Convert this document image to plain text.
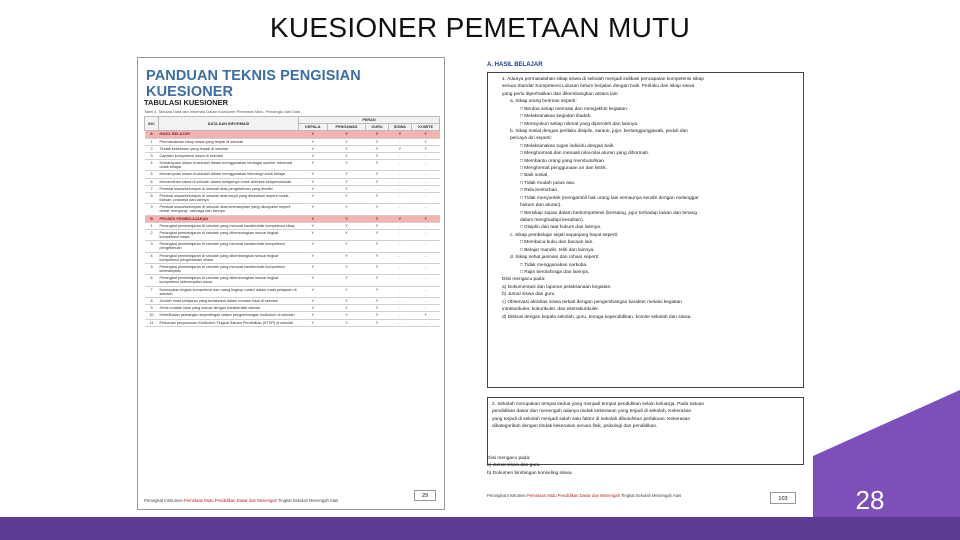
KUESIONER PEMETAAN MUTU
PANDUAN TEKNIS PENGISIAN KUESIONER
TABULASI KUESIONER
Tabel 4. Tabulasi Data dan Informasi Dalam Kuesioner Pemetaan Mutu, Pemangku dan Data
INC	DATA DAN INFORMASI	PERAN				
		KEPALA	PENGAWAS	GURU	SISWA	KOMITE
A	HASIL BELAJAR	Y	Y	Y	Y	Y
1	Permasalahan sikap siswa yang terjadi di sekolah	Y	Y	Y	-	Y
2	Tindak kekerasan yang terjadi di sekolah	Y	Y	Y	Y	Y
3	Capaian kompetensi siswa di sekolah	Y	Y	Y	-	-
4	Kemampuan siswa di sekolah dalam menggunakan berbagai sumber informasi untuk belajar	Y	Y	Y	-	-
5	Kemampuan siswa di sekolah dalam menggunakan teknologi untuk belajar	Y	Y	Y	-	-
6	Kemandirian siswa di sekolah dalam belajarnya untuk aktivitas belajar/sekolah	Y	Y	Y	-	-
7	Prestasi siswa/kelompok di sekolah atas pengetahuan yang dimiliki	Y	Y	-	-	-
8	Prestasi siswa/kelompok di sekolah atas karya yang dihasilkan seperti musik, lukisan, prakarya dan lainnya	Y	Y	Y	-	-
9	Prestasi siswa/kelompok di sekolah atas keterampilan yang ditunjukan seperti debat, menyanyi, olahraga dan lainnya	Y	Y	Y	-	-
B	PROSES PEMBELAJARAN	Y	Y	Y	Y	Y
1	Perangkat pembelajaran di sekolah yang memuat karakteristik kompetensi sikap	Y	Y	Y	-	-
2	Perangkat pembelajaran di sekolah yang dikembangkan sesuai tingkat kompetensi siswa	Y	Y	Y	-	-
3	Perangkat pembelajaran di sekolah yang memuat karakteristik kompetensi pengetahuan	Y	Y	Y	-	-
4	Perangkat pembelajaran di sekolah yang dikembangkan sesuai tingkat kompetensi pengetahuan siswa	Y	Y	Y	-	-
5	Perangkat pembelajaran di sekolah yang memuat karakteristik kompetensi keterampilan	Y	Y	Y	-	-
6	Perangkat pembelajaran di sekolah yang dikembangkan sesuai tingkat kompetensi keterampilan siswa	Y	Y	Y	-	-
7	Kesesuaian tingkat kompetensi dan ruang lingkup materi dalam mata pelajaran di sekolah	Y	Y	Y	-	-
8	Jumlah mata pelajaran yang terlaksana dalam muatan lokal di sekolah	Y	Y	Y	-	-
9	Jenis muatan lokal yang sesuai dengan karakteristik daerah	Y	Y	Y	-	-
10	Keterlibatan pemangku kepentingan dalam pengembangan kurikulum di sekolah	Y	Y	Y	-	Y
11	Pedoman penyusunan Kurikulum Tingkat Satuan Pendidikan (KTSP) di sekolah	Y	Y	Y	-	-
Perangkat Instrumen Pemetaan Mutu Pendidikan Dasar dan Menengah Tingkat Sekolah Menengah Atas
29
A. HASIL BELAJAR

1. Adanya permasalahan sikap siswa di sekolah menjadi indikasi pencapaian kompetensi sikap

sesuai Standar Kompetensi Lulusan belum berjalan dengan baik. Perilaku dan sikap siswa

yang perlu diperhatikan dan dikembangkan antara lain:

a. Sikap orang beriman seperti:

□ Berdoa setiap memulai dan mengakhiri kegiatan.

□ Melaksanakan kegiatan ibadah.

□ Mensyukuri setiap nikmat yang diperoleh dan lainnya.

b. Sikap sosial dengan perilaku disiplin, santun, jujur, bertanggungjawab, peduli dan

percaya diri seperti:

□ Melaksanakan tugas individu dengan baik.

□ Menghormati dan menaati nilai-nilai aturan yang dihormati.

□ Membantu orang yang membutuhkan.

□ Menghemat penggunaan air dan listrik.

□ Baik sosial.

□ Tidak mudah putus asa.

□ Rela berkorban.

□ Tidak menyontek (mengambil hak orang lain semaunya sendiri dengan melanggar

hukum dan aturan).

□ Bersikap sopan dalam berkompetensi (bersaing, jujur terhadap lawan dan tenang

dalam menghadapi kesulitan).

□ Disiplin dan taat hukum dan lainnya.

c. Sikap pembelajar sejati sepanjang hayat seperti:

□ Membaca buku dan bacaan lain.

□ Belajar mandiri, teliti dan lainnya.

d. Sikap sehat jasmani dan rohani seperti:

□ Tidak menggunakan narkoba.

□ Rajin berolahraga dan lainnya.

Diisi mengacu pada:

a) Dokumentasi dan laporan pelaksanaan kegiatan.

b) Jurnal siswa dan guru.

c) Observasi aktivitas siswa terkait dengan pengembangan karakter melalui kegiatan

intrakurikuler, kokurikuler, dan ekstrakurikuler.

d) Diskusi dengan kepala sekolah, guru, tenaga kependidikan, komite sekolah dan siswa.

2. Sekolah merupakan tempat kedua yang menjadi tempat pendidikan selain keluarga. Pada satuan

pendidikan dasar dan menengah adanya tindak kekerasan yang terjadi di sekolah. Kekerasan

yang terjadi di sekolah menjadi salah satu faktor di sekolah dibutuhkan perlakuan. Kekerasan

dikategorikan dengan tindak kekerasan secara fisik, psikologi dan pendidikan.

Diisi mengacu pada:

a) Jurnal siswa dan guru.

b) Dokumen bimbingan konseling siswa.

Perangkat Instrumen Pemetaan Mutu Pendidikan Dasar dan Menengah Tingkat Sekolah Menengah Atas
103	28
